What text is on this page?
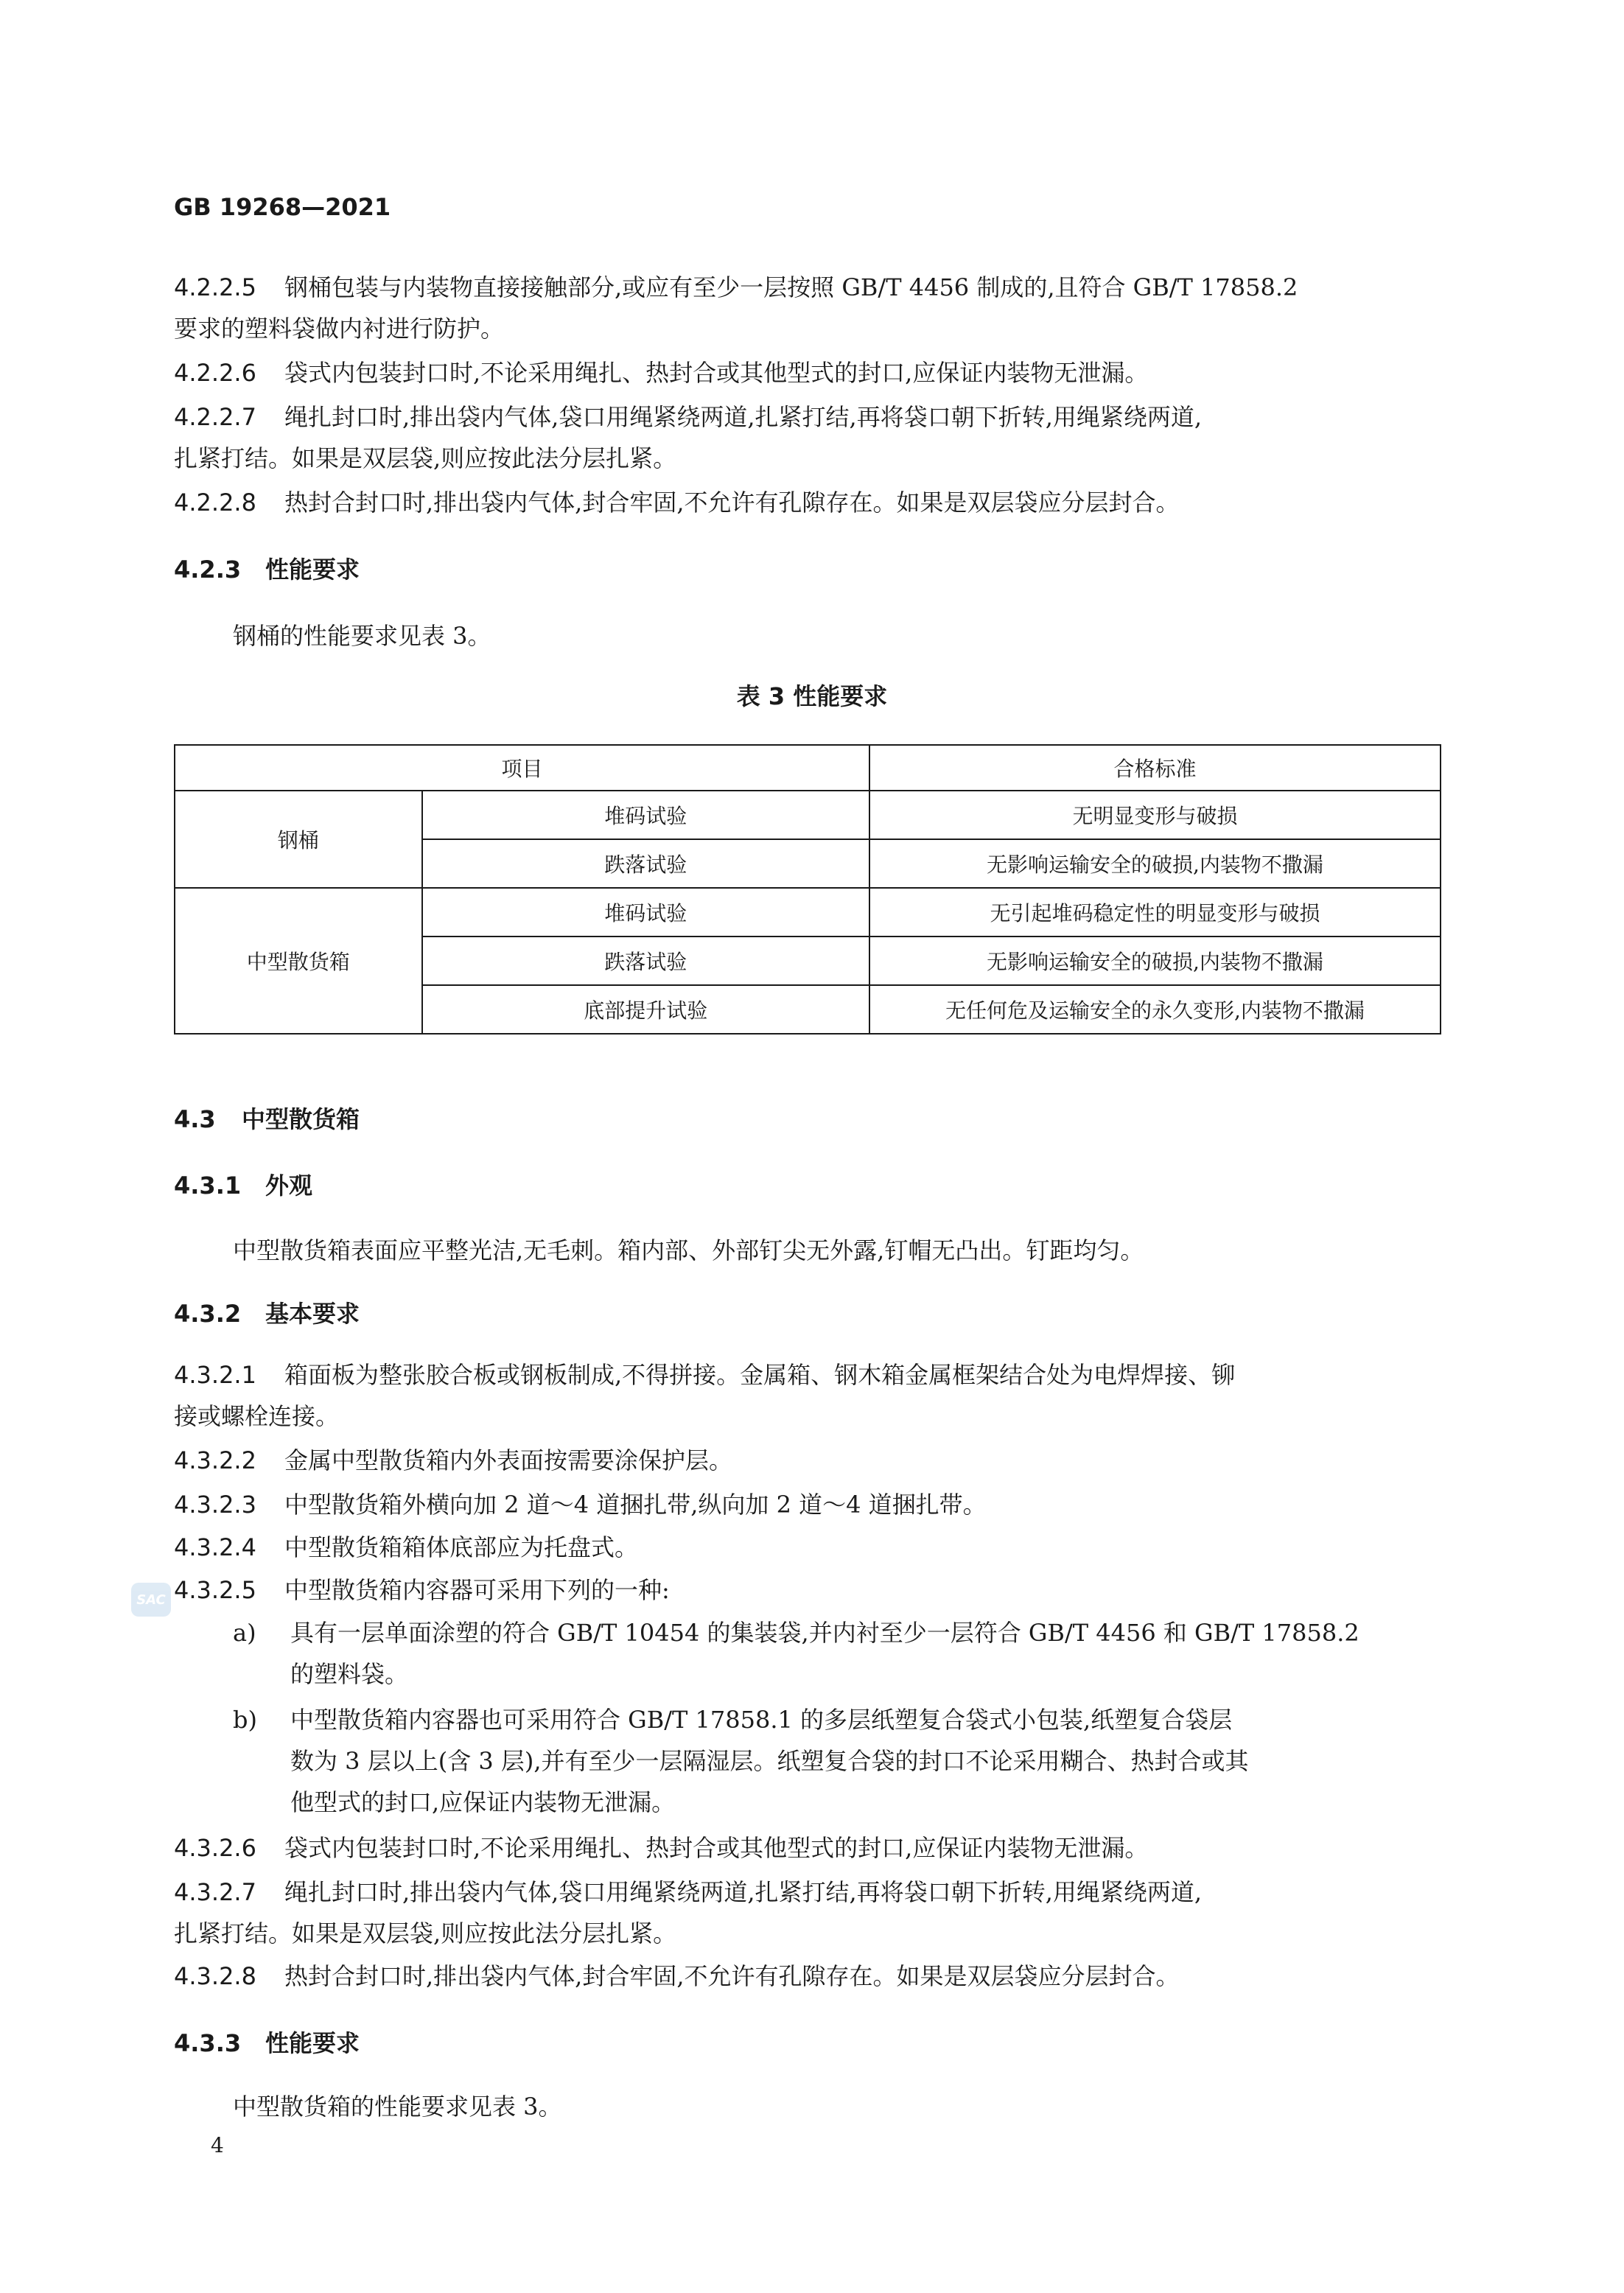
GB 19268—2021
4.2.2.5 钢桶包装与内装物直接接触部分,或应有至少一层按照 GB/T 4456 制成的,且符合 GB/T 17858.2
要求的塑料袋做内衬进行防护。
4.2.2.6 袋式内包装封口时,不论采用绳扎、热封合或其他型式的封口,应保证内装物无泄漏。
4.2.2.7 绳扎封口时,排出袋内气体,袋口用绳紧绕两道,扎紧打结,再将袋口朝下折转,用绳紧绕两道,
扎紧打结。如果是双层袋,则应按此法分层扎紧。
4.2.2.8 热封合封口时,排出袋内气体,封合牢固,不允许有孔隙存在。如果是双层袋应分层封合。
4.2.3 性能要求
钢桶的性能要求见表 3。
表 3 性能要求
项目		合格标准
钢桶	堆码试验	无明显变形与破损
	跌落试验	无影响运输安全的破损,内装物不撒漏
中型散货箱	堆码试验	无引起堆码稳定性的明显变形与破损
	跌落试验	无影响运输安全的破损,内装物不撒漏
	底部提升试验	无任何危及运输安全的永久变形,内装物不撒漏
4.3 中型散货箱
4.3.1 外观
中型散货箱表面应平整光洁,无毛刺。箱内部、外部钉尖无外露,钉帽无凸出。钉距均匀。
4.3.2 基本要求
4.3.2.1 箱面板为整张胶合板或钢板制成,不得拼接。金属箱、钢木箱金属框架结合处为电焊焊接、铆
接或螺栓连接。
4.3.2.2 金属中型散货箱内外表面按需要涂保护层。
4.3.2.3 中型散货箱外横向加 2 道～4 道捆扎带,纵向加 2 道～4 道捆扎带。
4.3.2.4 中型散货箱箱体底部应为托盘式。
4.3.2.5 中型散货箱内容器可采用下列的一种:
a) 具有一层单面涂塑的符合 GB/T 10454 的集装袋,并内衬至少一层符合 GB/T 4456 和 GB/T 17858.2
的塑料袋。
b) 中型散货箱内容器也可采用符合 GB/T 17858.1 的多层纸塑复合袋式小包装,纸塑复合袋层
数为 3 层以上(含 3 层),并有至少一层隔湿层。纸塑复合袋的封口不论采用糊合、热封合或其
他型式的封口,应保证内装物无泄漏。
4.3.2.6 袋式内包装封口时,不论采用绳扎、热封合或其他型式的封口,应保证内装物无泄漏。
4.3.2.7 绳扎封口时,排出袋内气体,袋口用绳紧绕两道,扎紧打结,再将袋口朝下折转,用绳紧绕两道,
扎紧打结。如果是双层袋,则应按此法分层扎紧。
4.3.2.8 热封合封口时,排出袋内气体,封合牢固,不允许有孔隙存在。如果是双层袋应分层封合。
4.3.3 性能要求
中型散货箱的性能要求见表 3。
4
SAC
